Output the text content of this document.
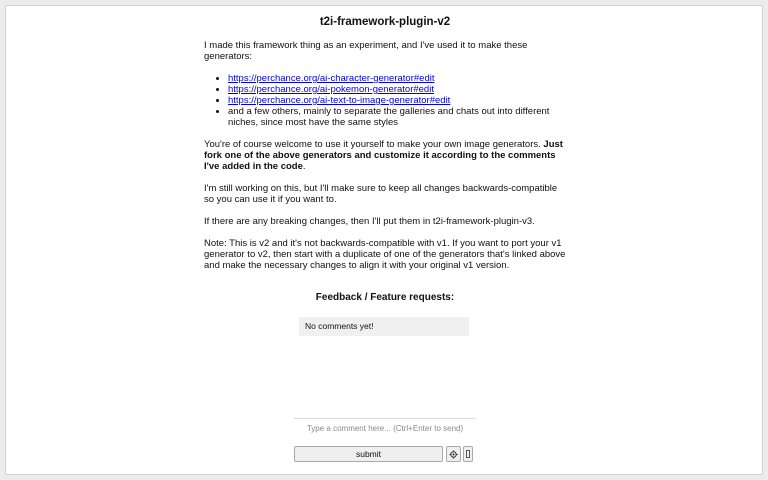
t2i-framework-plugin-v2

I made this framework thing as an experiment, and I've used it to make these generators:

• https://perchance.org/ai-character-generator#edit
• https://perchance.org/ai-pokemon-generator#edit
• https://perchance.org/ai-text-to-image-generator#edit
• and a few others, mainly to separate the galleries and chats out into different niches, since most have the same styles

You're of course welcome to use it yourself to make your own image generators. Just fork one of the above generators and customize it according to the comments I've added in the code.

I'm still working on this, but I'll make sure to keep all changes backwards-compatible so you can use it if you want to.

If there are any breaking changes, then I'll put them in t2i-framework-plugin-v3.

Note: This is v2 and it's not backwards-compatible with v1. If you want to port your v1 generator to v2, then start with a duplicate of one of the generators that's linked above and make the necessary changes to align it with your original v1 version.

Feedback / Feature requests:
No comments yet!
Type a comment here... (Ctrl+Enter to send)
submit
